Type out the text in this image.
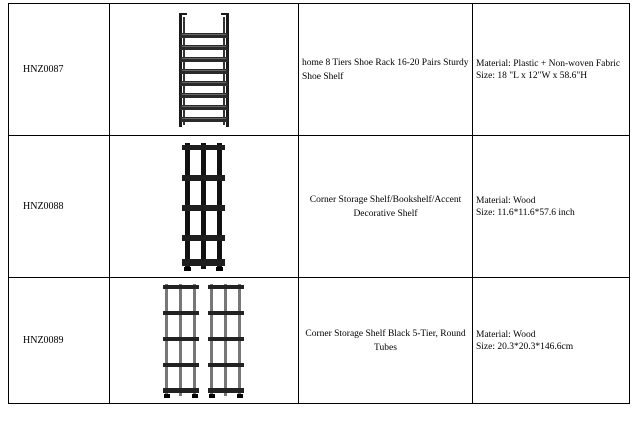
HNZ0087		home 8 Tiers Shoe Rack 16-20 Pairs Sturdy Shoe Shelf	Material: Plastic + Non-woven Fabric
Size: 18 "L x 12"W x 58.6"H

HNZ0088		Corner Storage Shelf/Bookshelf/Accent Decorative Shelf	Material: Wood
Size: 11.6*11.6*57.6 inch

HNZ0089		Corner Storage Shelf Black 5-Tier, Round Tubes	Material: Wood
Size: 20.3*20.3*146.6cm
